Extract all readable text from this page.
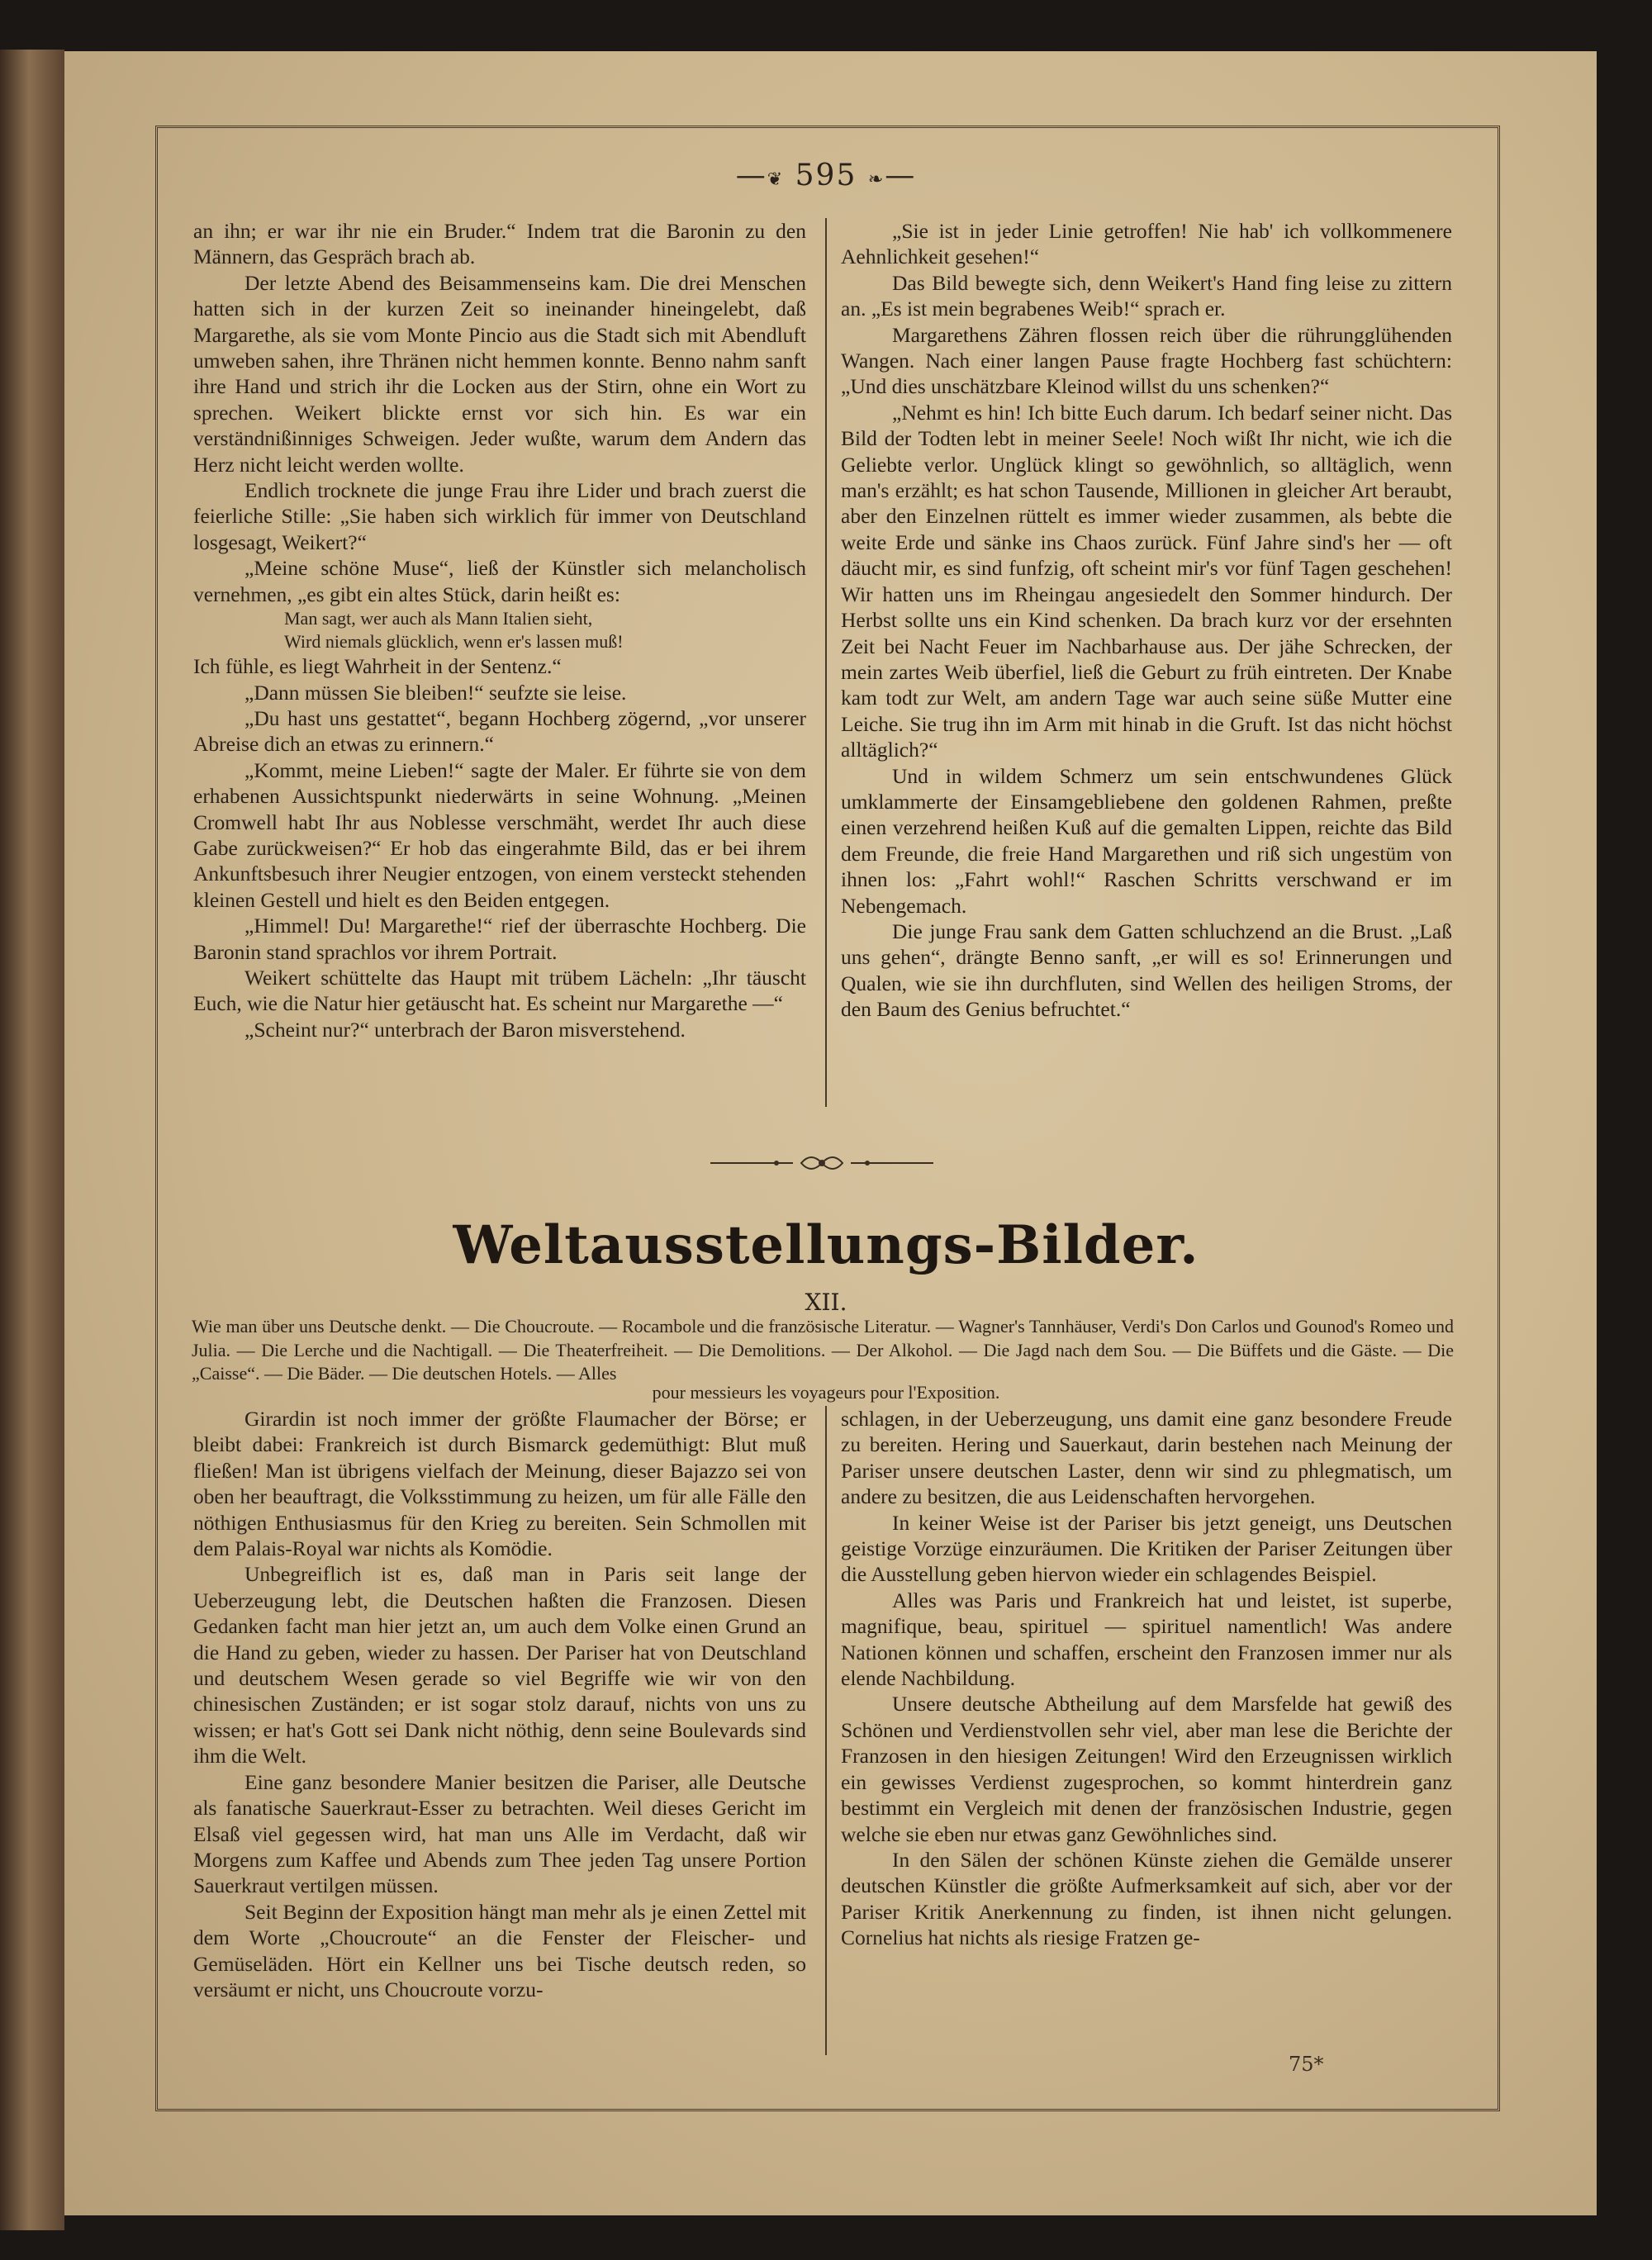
—❦ 595 ❧—

an ihn; er war ihr nie ein Bruder.“ Indem trat die Baronin zu den Männern, das Gespräch brach ab.

Der letzte Abend des Beisammenseins kam. Die drei Menschen hatten sich in der kurzen Zeit so ineinander hineingelebt, daß Margarethe, als sie vom Monte Pincio aus die Stadt sich mit Abendluft umweben sahen, ihre Thränen nicht hemmen konnte. Benno nahm sanft ihre Hand und strich ihr die Locken aus der Stirn, ohne ein Wort zu sprechen. Weikert blickte ernst vor sich hin. Es war ein verständnißinniges Schweigen. Jeder wußte, warum dem Andern das Herz nicht leicht werden wollte.

Endlich trocknete die junge Frau ihre Lider und brach zuerst die feierliche Stille: „Sie haben sich wirklich für immer von Deutschland losgesagt, Weikert?“

„Meine schöne Muse“, ließ der Künstler sich melancholisch vernehmen, „es gibt ein altes Stück, darin heißt es:

Man sagt, wer auch als Mann Italien sieht,

Wird niemals glücklich, wenn er's lassen muß!

Ich fühle, es liegt Wahrheit in der Sentenz.“

„Dann müssen Sie bleiben!“ seufzte sie leise.

„Du hast uns gestattet“, begann Hochberg zögernd, „vor unserer Abreise dich an etwas zu erinnern.“

„Kommt, meine Lieben!“ sagte der Maler. Er führte sie von dem erhabenen Aussichtspunkt niederwärts in seine Wohnung. „Meinen Cromwell habt Ihr aus Noblesse verschmäht, werdet Ihr auch diese Gabe zurückweisen?“ Er hob das eingerahmte Bild, das er bei ihrem Ankunftsbesuch ihrer Neugier entzogen, von einem versteckt stehenden kleinen Gestell und hielt es den Beiden entgegen.

„Himmel! Du! Margarethe!“ rief der überraschte Hochberg. Die Baronin stand sprachlos vor ihrem Portrait.

Weikert schüttelte das Haupt mit trübem Lächeln: „Ihr täuscht Euch, wie die Natur hier getäuscht hat. Es scheint nur Margarethe —“

„Scheint nur?“ unterbrach der Baron misverstehend.

„Sie ist in jeder Linie getroffen! Nie hab' ich vollkommenere Aehnlichkeit gesehen!“

Das Bild bewegte sich, denn Weikert's Hand fing leise zu zittern an. „Es ist mein begrabenes Weib!“ sprach er.

Margarethens Zähren flossen reich über die rührungglühenden Wangen. Nach einer langen Pause fragte Hochberg fast schüchtern: „Und dies unschätzbare Kleinod willst du uns schenken?“

„Nehmt es hin! Ich bitte Euch darum. Ich bedarf seiner nicht. Das Bild der Todten lebt in meiner Seele! Noch wißt Ihr nicht, wie ich die Geliebte verlor. Unglück klingt so gewöhnlich, so alltäglich, wenn man's erzählt; es hat schon Tausende, Millionen in gleicher Art beraubt, aber den Einzelnen rüttelt es immer wieder zusammen, als bebte die weite Erde und sänke ins Chaos zurück. Fünf Jahre sind's her — oft däucht mir, es sind funfzig, oft scheint mir's vor fünf Tagen geschehen! Wir hatten uns im Rheingau angesiedelt den Sommer hindurch. Der Herbst sollte uns ein Kind schenken. Da brach kurz vor der ersehnten Zeit bei Nacht Feuer im Nachbarhause aus. Der jähe Schrecken, der mein zartes Weib überfiel, ließ die Geburt zu früh eintreten. Der Knabe kam todt zur Welt, am andern Tage war auch seine süße Mutter eine Leiche. Sie trug ihn im Arm mit hinab in die Gruft. Ist das nicht höchst alltäglich?“

Und in wildem Schmerz um sein entschwundenes Glück umklammerte der Einsamgebliebene den goldenen Rahmen, preßte einen verzehrend heißen Kuß auf die gemalten Lippen, reichte das Bild dem Freunde, die freie Hand Margarethen und riß sich ungestüm von ihnen los: „Fahrt wohl!“ Raschen Schritts verschwand er im Nebengemach.

Die junge Frau sank dem Gatten schluchzend an die Brust. „Laß uns gehen“, drängte Benno sanft, „er will es so! Erinnerungen und Qualen, wie sie ihn durchfluten, sind Wellen des heiligen Stroms, der den Baum des Genius befruchtet.“

Weltausstellungs-Bilder.
XII.
Wie man über uns Deutsche denkt. — Die Choucroute. — Rocambole und die französische Literatur. — Wagner's Tannhäuser, Verdi's Don Carlos und Gounod's Romeo und Julia. — Die Lerche und die Nachtigall. — Die Theaterfreiheit. — Die Demolitions. — Der Alkohol. — Die Jagd nach dem Sou. — Die Büffets und die Gäste. — Die „Caisse“. — Die Bäder. — Die deutschen Hotels. — Alles
pour messieurs les voyageurs pour l'Exposition.

Girardin ist noch immer der größte Flaumacher der Börse; er bleibt dabei: Frankreich ist durch Bismarck gedemüthigt: Blut muß fließen! Man ist übrigens vielfach der Meinung, dieser Bajazzo sei von oben her beauftragt, die Volksstimmung zu heizen, um für alle Fälle den nöthigen Enthusiasmus für den Krieg zu bereiten. Sein Schmollen mit dem Palais-Royal war nichts als Komödie.

Unbegreiflich ist es, daß man in Paris seit lange der Ueberzeugung lebt, die Deutschen haßten die Franzosen. Diesen Gedanken facht man hier jetzt an, um auch dem Volke einen Grund an die Hand zu geben, wieder zu hassen. Der Pariser hat von Deutschland und deutschem Wesen gerade so viel Begriffe wie wir von den chinesischen Zuständen; er ist sogar stolz darauf, nichts von uns zu wissen; er hat's Gott sei Dank nicht nöthig, denn seine Boulevards sind ihm die Welt.

Eine ganz besondere Manier besitzen die Pariser, alle Deutsche als fanatische Sauerkraut-Esser zu betrachten. Weil dieses Gericht im Elsaß viel gegessen wird, hat man uns Alle im Verdacht, daß wir Morgens zum Kaffee und Abends zum Thee jeden Tag unsere Portion Sauerkraut vertilgen müssen.

Seit Beginn der Exposition hängt man mehr als je einen Zettel mit dem Worte „Choucroute“ an die Fenster der Fleischer- und Gemüseläden. Hört ein Kellner uns bei Tische deutsch reden, so versäumt er nicht, uns Choucroute vorzu-

schlagen, in der Ueberzeugung, uns damit eine ganz besondere Freude zu bereiten. Hering und Sauerkaut, darin bestehen nach Meinung der Pariser unsere deutschen Laster, denn wir sind zu phlegmatisch, um andere zu besitzen, die aus Leidenschaften hervorgehen.

In keiner Weise ist der Pariser bis jetzt geneigt, uns Deutschen geistige Vorzüge einzuräumen. Die Kritiken der Pariser Zeitungen über die Ausstellung geben hiervon wieder ein schlagendes Beispiel.

Alles was Paris und Frankreich hat und leistet, ist superbe, magnifique, beau, spirituel — spirituel namentlich! Was andere Nationen können und schaffen, erscheint den Franzosen immer nur als elende Nachbildung.

Unsere deutsche Abtheilung auf dem Marsfelde hat gewiß des Schönen und Verdienstvollen sehr viel, aber man lese die Berichte der Franzosen in den hiesigen Zeitungen! Wird den Erzeugnissen wirklich ein gewisses Verdienst zugesprochen, so kommt hinterdrein ganz bestimmt ein Vergleich mit denen der französischen Industrie, gegen welche sie eben nur etwas ganz Gewöhnliches sind.

In den Sälen der schönen Künste ziehen die Gemälde unserer deutschen Künstler die größte Aufmerksamkeit auf sich, aber vor der Pariser Kritik Anerkennung zu finden, ist ihnen nicht gelungen. Cornelius hat nichts als riesige Fratzen ge-

75*
